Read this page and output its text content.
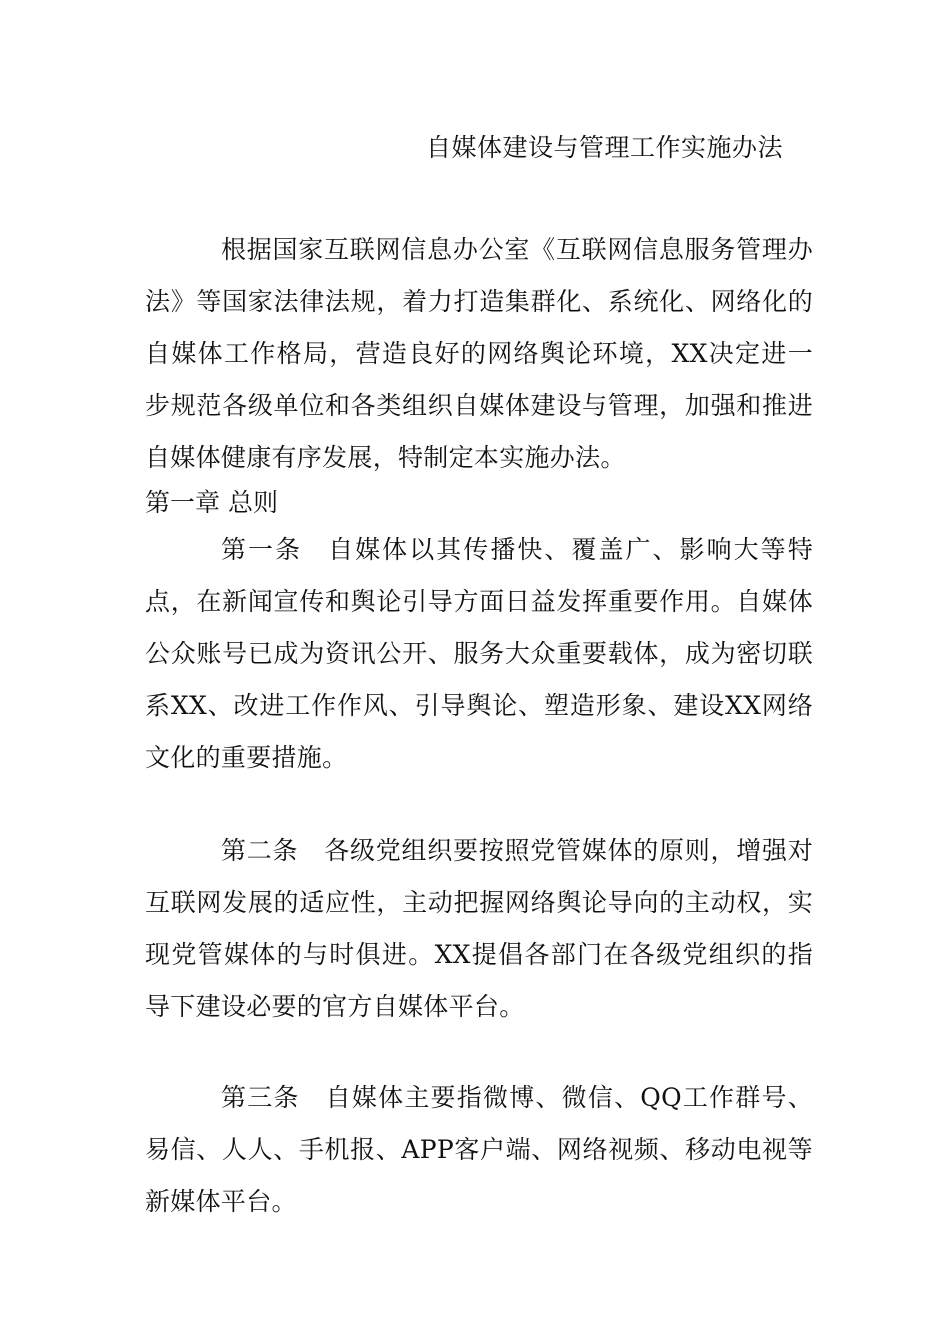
自媒体建设与管理工作实施办法

根据国家互联网信息办公室《互联网信息服务管理办法》等国家法律法规，着力打造集群化、系统化、网络化的自媒体工作格局，营造良好的网络舆论环境，XX决定进一步规范各级单位和各类组织自媒体建设与管理，加强和推进自媒体健康有序发展，特制定本实施办法。

第一章 总则

第一条 自媒体以其传播快、覆盖广、影响大等特点，在新闻宣传和舆论引导方面日益发挥重要作用。自媒体公众账号已成为资讯公开、服务大众重要载体，成为密切联系XX、改进工作作风、引导舆论、塑造形象、建设XX网络文化的重要措施。

第二条 各级党组织要按照党管媒体的原则，增强对互联网发展的适应性，主动把握网络舆论导向的主动权，实现党管媒体的与时俱进。XX提倡各部门在各级党组织的指导下建设必要的官方自媒体平台。

第三条 自媒体主要指微博、微信、QQ工作群号、易信、人人、手机报、APP客户端、网络视频、移动电视等新媒体平台。
